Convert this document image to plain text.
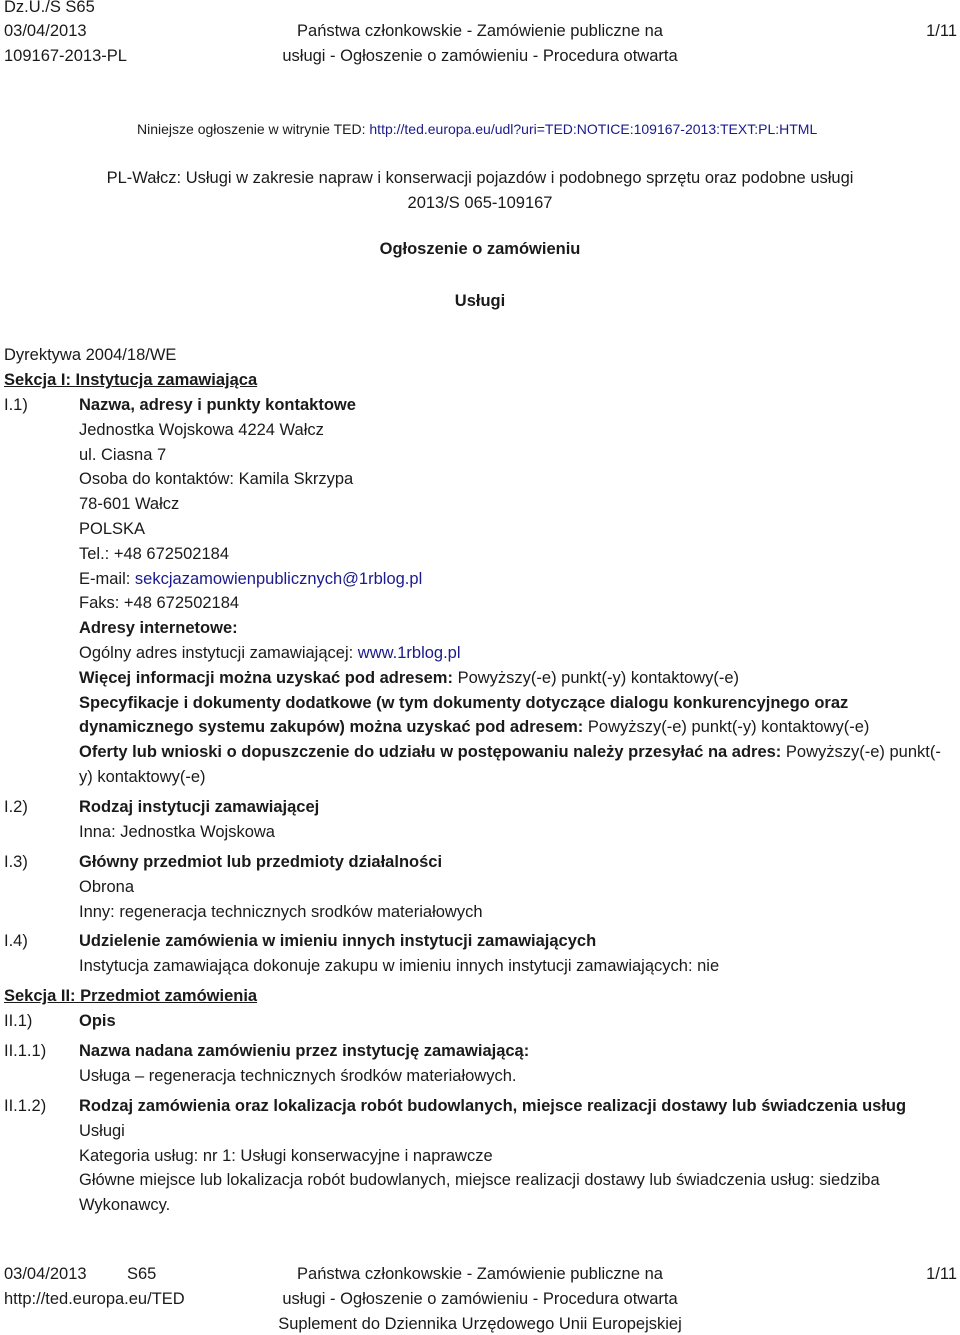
Dz.U./S S65
03/04/2013
109167-2013-PL
Państwa członkowskie - Zamówienie publiczne na
usługi - Ogłoszenie o zamówieniu - Procedura otwarta
1/11
Niniejsze ogłoszenie w witrynie TED: http://ted.europa.eu/udl?uri=TED:NOTICE:109167-2013:TEXT:PL:HTML
PL-Wałcz: Usługi w zakresie napraw i konserwacji pojazdów i podobnego sprzętu oraz podobne usługi
2013/S 065-109167
Ogłoszenie o zamówieniu
Usługi
Dyrektywa 2004/18/WE
Sekcja I: Instytucja zamawiająca
I.1)	Nazwa, adresy i punkty kontaktowe
Jednostka Wojskowa 4224 Wałcz
ul. Ciasna 7
Osoba do kontaktów: Kamila Skrzypa
78-601 Wałcz
POLSKA
Tel.: +48 672502184
E-mail: sekcjazamowienpublicznych@1rblog.pl
Faks: +48 672502184
Adresy internetowe:
Ogólny adres instytucji zamawiającej: www.1rblog.pl
Więcej informacji można uzyskać pod adresem: Powyższy(-e) punkt(-y) kontaktowy(-e)
Specyfikacje i dokumenty dodatkowe (w tym dokumenty dotyczące dialogu konkurencyjnego oraz dynamicznego systemu zakupów) można uzyskać pod adresem: Powyższy(-e) punkt(-y) kontaktowy(-e)
Oferty lub wnioski o dopuszczenie do udziału w postępowaniu należy przesyłać na adres: Powyższy(-e) punkt(-y) kontaktowy(-e)
I.2)	Rodzaj instytucji zamawiającej
Inna: Jednostka Wojskowa
I.3)	Główny przedmiot lub przedmioty działalności
Obrona
Inny: regeneracja technicznych srodków materiałowych
I.4)	Udzielenie zamówienia w imieniu innych instytucji zamawiających
Instytucja zamawiająca dokonuje zakupu w imieniu innych instytucji zamawiających: nie
Sekcja II: Przedmiot zamówienia
II.1)	Opis
II.1.1) Nazwa nadana zamówieniu przez instytucję zamawiającą:
Usługa – regeneracja technicznych środków materiałowych.
II.1.2) Rodzaj zamówienia oraz lokalizacja robót budowlanych, miejsce realizacji dostawy lub świadczenia usług
Usługi
Kategoria usług: nr 1: Usługi konserwacyjne i naprawcze
Główne miejsce lub lokalizacja robót budowlanych, miejsce realizacji dostawy lub świadczenia usług: siedziba Wykonawcy.
03/04/2013 S65
http://ted.europa.eu/TED
Państwa członkowskie - Zamówienie publiczne na
usługi - Ogłoszenie o zamówieniu - Procedura otwarta
Suplement do Dziennika Urzędowego Unii Europejskiej
1/11
